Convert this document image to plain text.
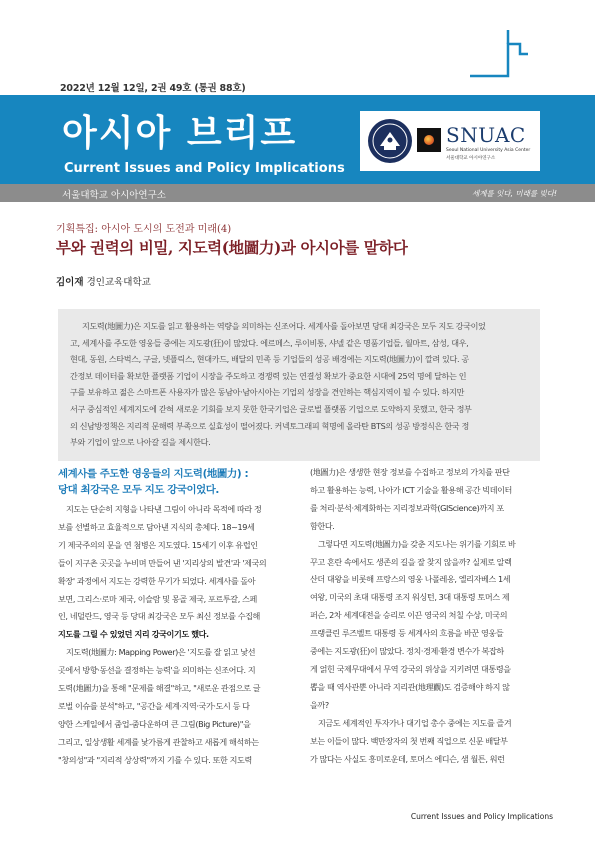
2022년 12월 12일, 2권 49호 (통권 88호)
아시아 브리프
Current Issues and Policy Implications
SNUAC
Seoul National University Asia Center
서울대학교 아시아연구소
서울대학교 아시아연구소	세계를 잇다, 미래를 빚다!
기획특집: 아시아 도시의 도전과 미래(4)
부와 권력의 비밀, 지도력(地圖力)과 아시아를 말하다
김이재 경인교육대학교

지도력(地圖力)은 지도를 읽고 활용하는 역량을 의미하는 신조어다. 세계사를 돌아보면 당대 최강국은 모두 지도 강국이었

고, 세계사를 주도한 영웅들 중에는 지도광(狂)이 많았다. 에르메스, 루이비통, 샤넬 같은 명품기업들, 월마트, 삼성, 대우,

현대, 동원, 스타벅스, 구글, 넷플릭스, 현대카드, 배달의 민족 등 기업들의 성공 배경에는 지도력(地圖力)이 깔려 있다. 공

간정보 데이터를 확보한 플랫폼 기업이 시장을 주도하고 경쟁력 있는 연결성 확보가 중요한 시대에 25억 명에 달하는 인

구를 보유하고 젊은 스마트폰 사용자가 많은 동남아·남아시아는 기업의 성장을 견인하는 핵심지역이 될 수 있다. 하지만

서구 중심적인 세계지도에 갇혀 새로운 기회를 보지 못한 한국기업은 글로벌 플랫폼 기업으로 도약하지 못했고, 한국 정부

의 신남방정책은 지리적 문해력 부족으로 실효성이 떨어졌다. 커넥토그래피 혁명에 올라탄 BTS의 성공 방정식은 한국 정

부와 기업이 앞으로 나아갈 길을 제시한다.

세계사를 주도한 영웅들의 지도력(地圖力) :
당대 최강국은 모두 지도 강국이었다.
지도는 단순히 지형을 나타낸 그림이 아니라 목적에 따라 정
보를 선별하고 효율적으로 담아낸 지식의 총체다. 18~19세
기 제국주의의 문을 연 첨병은 지도였다. 15세기 이후 유럽인
들이 지구촌 곳곳을 누비며 만들어 낸 '지리상의 발견'과 '제국의
확장' 과정에서 지도는 강력한 무기가 되었다. 세계사를 돌아
보면, 그리스·로마 제국, 이슬람 및 몽골 제국, 포르투갈, 스페
인, 네덜란드, 영국 등 당대 최강국은 모두 최신 정보를 수집해
지도를 그릴 수 있었던 지리 강국이기도 했다.
지도력(地圖力: Mapping Power)은 '지도를 잘 읽고 낯선
곳에서 방향·동선을 결정하는 능력'을 의미하는 신조어다. 지
도력(地圖力)을 통해 "문제를 해결"하고, "새로운 관점으로 글
로벌 이슈를 분석"하고, "공간을 세계·지역·국가·도시 등 다
양한 스케일에서 줌업-줌다운하며 큰 그림(Big Picture)"을
그리고, 일상생활 세계를 낯가름게 관찰하고 새롭게 해석하는
"창의성"과 "지리적 상상력"까지 기를 수 있다. 또한 지도력
(地圖力)은 생생한 현장 정보를 수집하고 정보의 가치를 판단
하고 활용하는 능력, 나아가 ICT 기술을 활용해 공간 빅데이터
를 처리·분석·체계화하는 지리정보과학(GIScience)까지 포
함한다.
그렇다면 지도력(地圖力)을 갖춘 지도나는 위기를 기회로 바
꾸고 혼란 속에서도 생존의 길을 잘 찾지 않을까? 실제로 알렉
산더 대왕을 비롯해 프랑스의 영웅 나폴레옹, 엘리자베스 1세
여왕, 미국의 초대 대통령 조지 워싱턴, 3대 대통령 토머스 제
퍼슨, 2차 세계대전을 승리로 이끈 영국의 처칠 수상, 미국의
프랭클린 루즈벨트 대통령 등 세계사의 흐름을 바꾼 영웅들
중에는 지도광(狂)이 많았다. 정치·경제·환경 변수가 복잡하
게 얽힌 국제무대에서 무역 강국의 위상을 지키려면 대통령을
뽑을 때 역사관뿐 아니라 지리관(地理觀)도 검증해야 하지 않
을까?
지금도 세계적인 투자가나 대기업 총수 중에는 지도를 즐겨
보는 이들이 많다. 백만장자의 첫 번째 직업으로 신문 배달부
가 많다는 사실도 흥미로운데, 토머스 에디슨, 샘 월튼, 워런
Current Issues and Policy Implications
